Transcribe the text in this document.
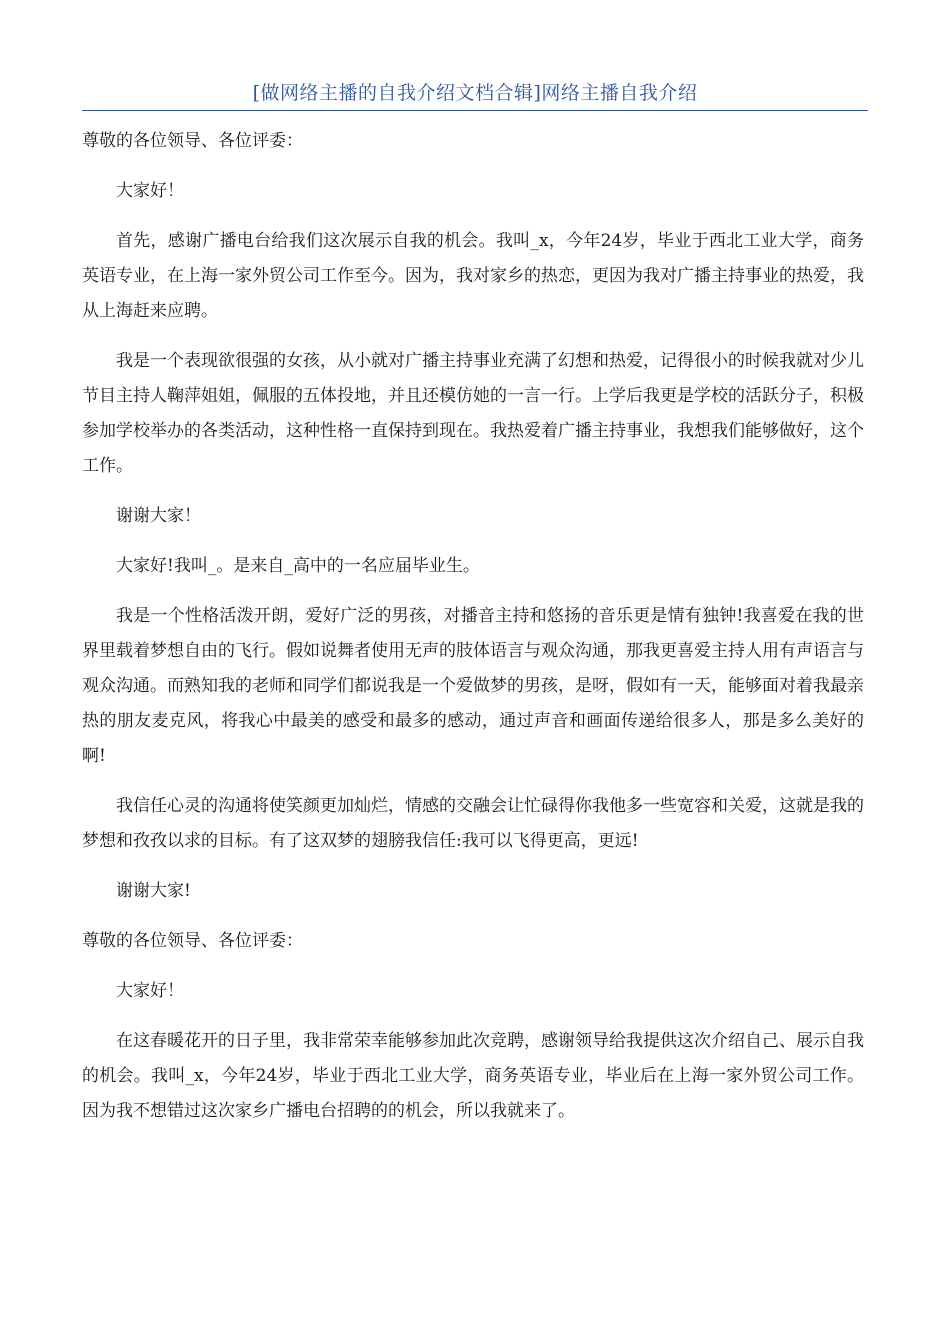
[做网络主播的自我介绍文档合辑]网络主播自我介绍

尊敬的各位领导、各位评委：

大家好！

首先，感谢广播电台给我们这次展示自我的机会。我叫_x，今年24岁，毕业于西北工业大学，商务英语专业，在上海一家外贸公司工作至今。因为，我对家乡的热恋，更因为我对广播主持事业的热爱，我从上海赶来应聘。

我是一个表现欲很强的女孩，从小就对广播主持事业充满了幻想和热爱，记得很小的时候我就对少儿节目主持人鞠萍姐姐，佩服的五体投地，并且还模仿她的一言一行。上学后我更是学校的活跃分子，积极参加学校举办的各类活动，这种性格一直保持到现在。我热爱着广播主持事业，我想我们能够做好，这个工作。

谢谢大家！

大家好!我叫_。是来自_高中的一名应届毕业生。

我是一个性格活泼开朗，爱好广泛的男孩，对播音主持和悠扬的音乐更是情有独钟!我喜爱在我的世界里载着梦想自由的飞行。假如说舞者使用无声的肢体语言与观众沟通，那我更喜爱主持人用有声语言与观众沟通。而熟知我的老师和同学们都说我是一个爱做梦的男孩，是呀，假如有一天，能够面对着我最亲热的朋友麦克风，将我心中最美的感受和最多的感动，通过声音和画面传递给很多人，那是多么美好的啊!

我信任心灵的沟通将使笑颜更加灿烂，情感的交融会让忙碌得你我他多一些宽容和关爱，这就是我的梦想和孜孜以求的目标。有了这双梦的翅膀我信任:我可以飞得更高，更远!

谢谢大家!

尊敬的各位领导、各位评委：

大家好！

在这春暖花开的日子里，我非常荣幸能够参加此次竞聘，感谢领导给我提供这次介绍自己、展示自我的机会。我叫_x，今年24岁，毕业于西北工业大学，商务英语专业，毕业后在上海一家外贸公司工作。因为我不想错过这次家乡广播电台招聘的的机会，所以我就来了。
